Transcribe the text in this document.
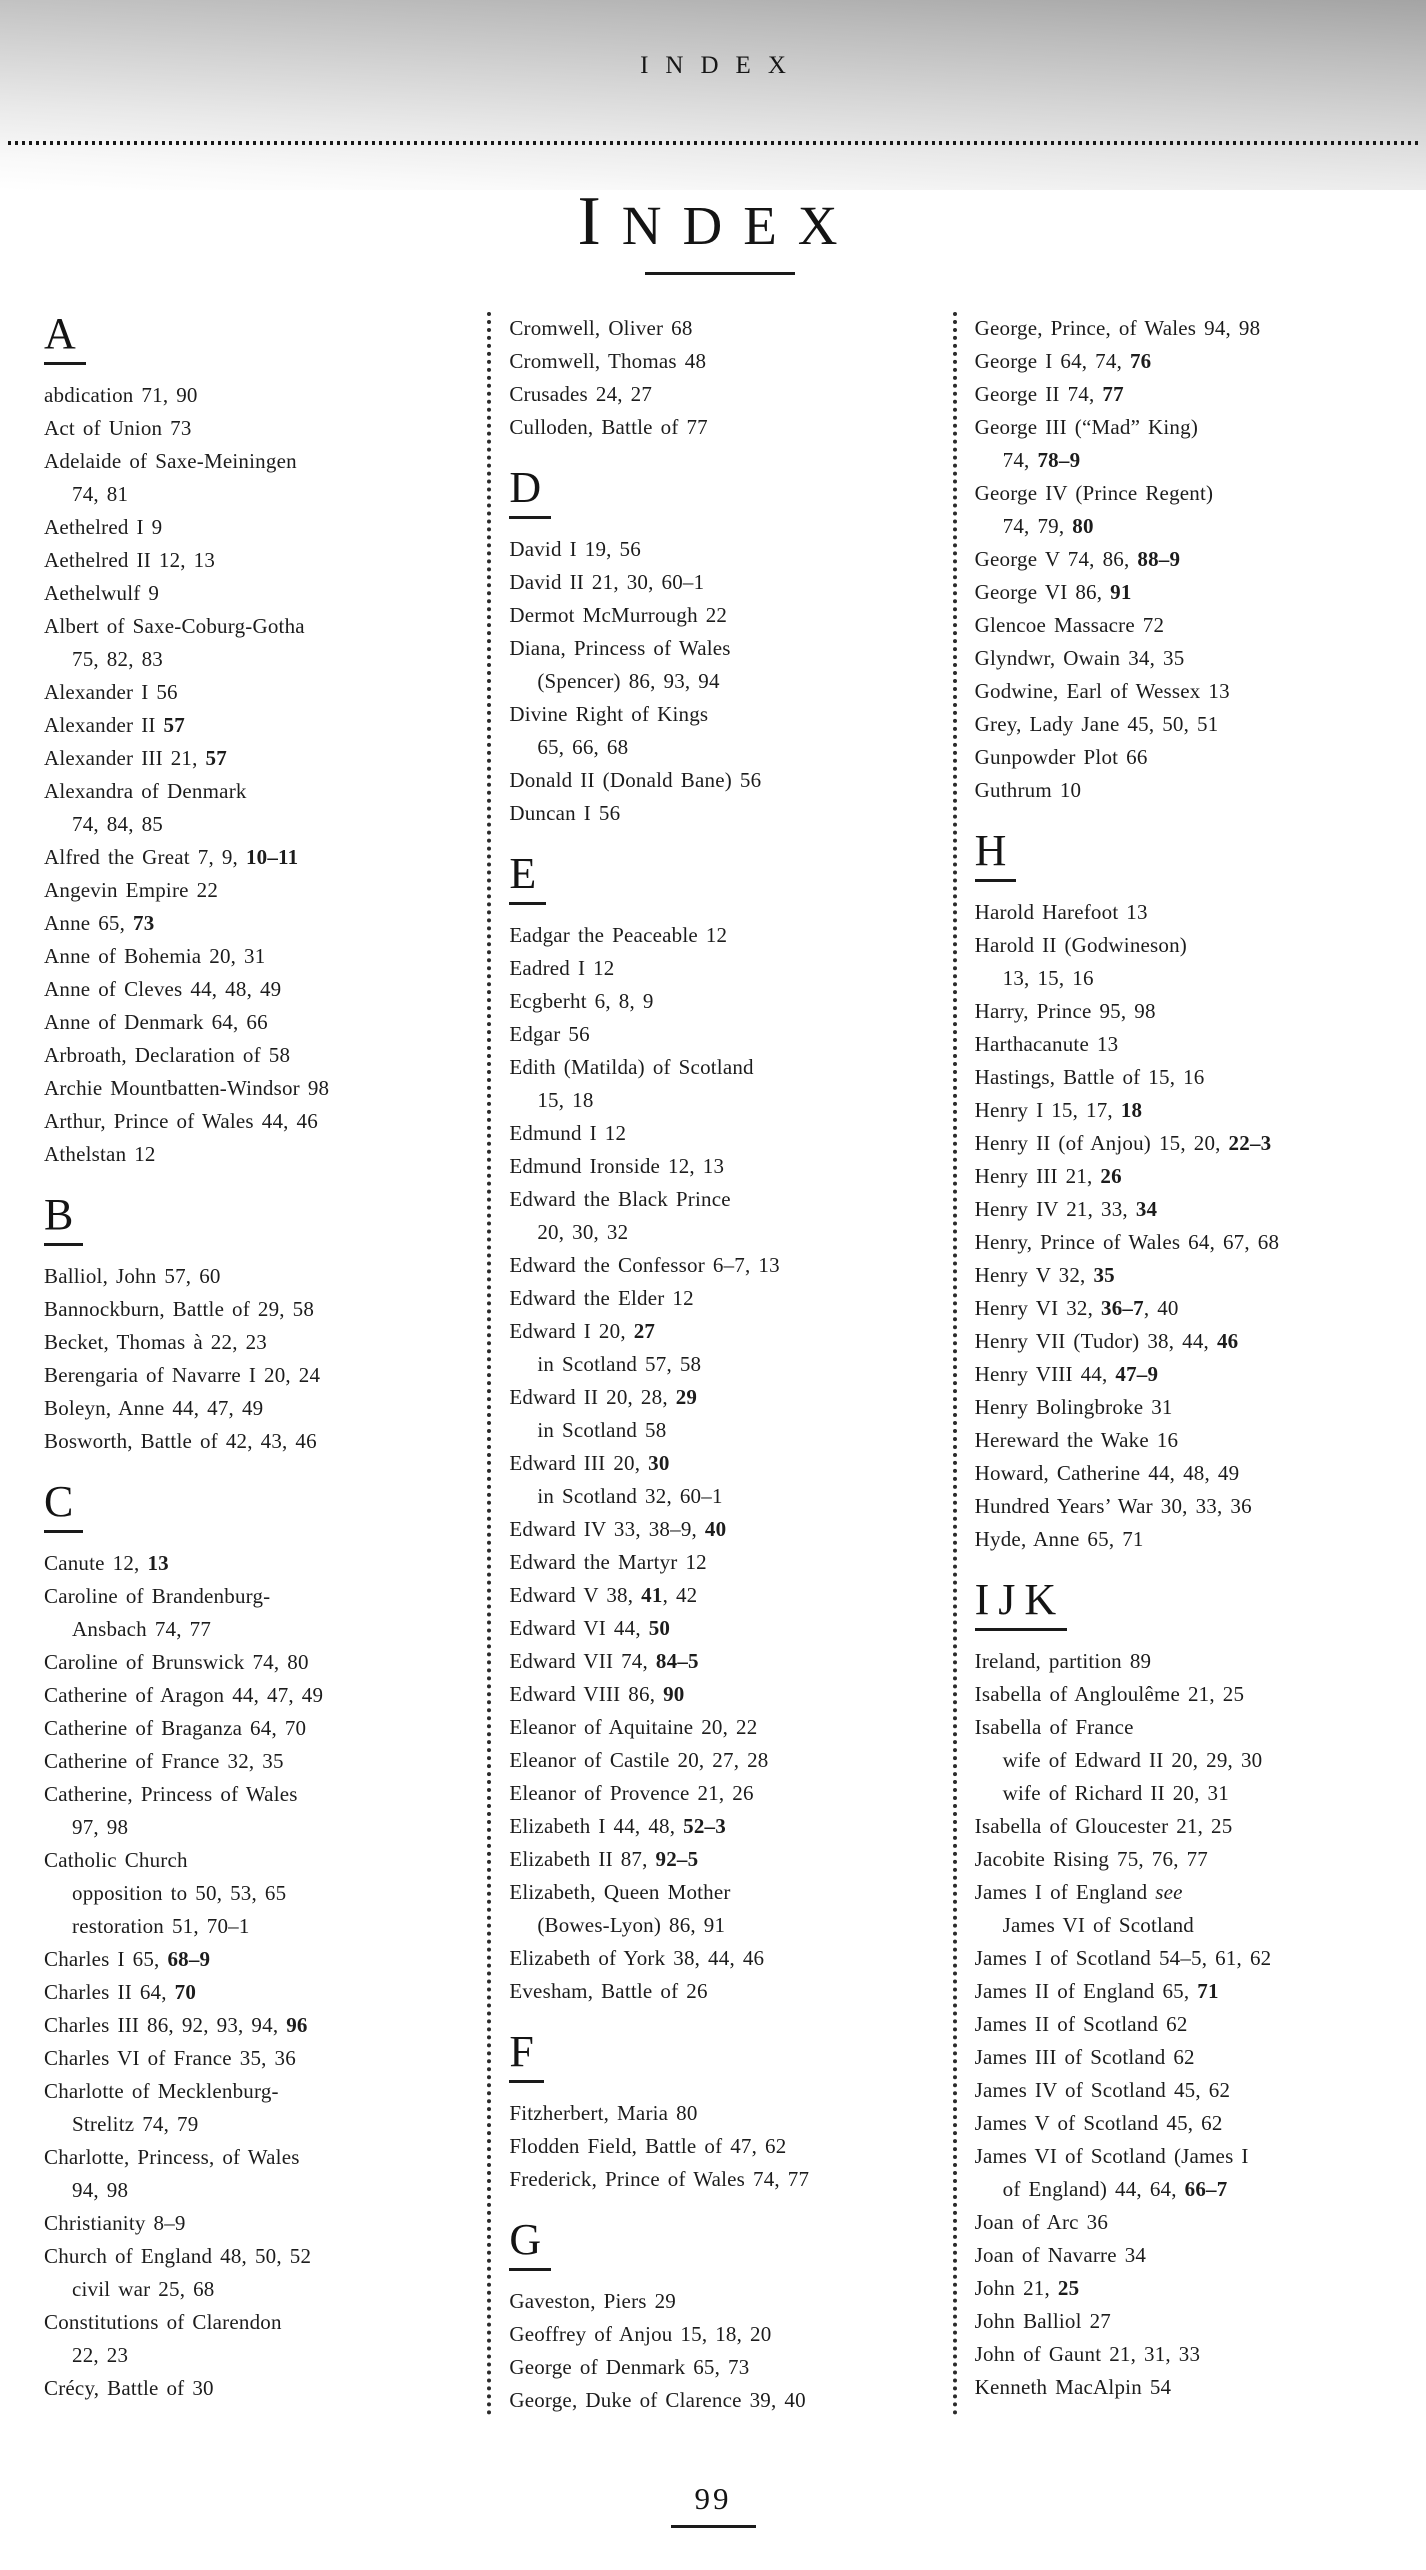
INDEX
INDEX
A
abdication 71, 90
Act of Union 73
Adelaide of Saxe-Meiningen
74, 81
Aethelred I 9
Aethelred II 12, 13
Aethelwulf 9
Albert of Saxe-Coburg-Gotha
75, 82, 83
Alexander I 56
Alexander II 57
Alexander III 21, 57
Alexandra of Denmark
74, 84, 85
Alfred the Great 7, 9, 10–11
Angevin Empire 22
Anne 65, 73
Anne of Bohemia 20, 31
Anne of Cleves 44, 48, 49
Anne of Denmark 64, 66
Arbroath, Declaration of 58
Archie Mountbatten-Windsor 98
Arthur, Prince of Wales 44, 46
Athelstan 12
B
Balliol, John 57, 60
Bannockburn, Battle of 29, 58
Becket, Thomas à 22, 23
Berengaria of Navarre I 20, 24
Boleyn, Anne 44, 47, 49
Bosworth, Battle of 42, 43, 46
C
Canute 12, 13
Caroline of Brandenburg-
Ansbach 74, 77
Caroline of Brunswick 74, 80
Catherine of Aragon 44, 47, 49
Catherine of Braganza 64, 70
Catherine of France 32, 35
Catherine, Princess of Wales
97, 98
Catholic Church
opposition to 50, 53, 65
restoration 51, 70–1
Charles I 65, 68–9
Charles II 64, 70
Charles III 86, 92, 93, 94, 96
Charles VI of France 35, 36
Charlotte of Mecklenburg-
Strelitz 74, 79
Charlotte, Princess, of Wales
94, 98
Christianity 8–9
Church of England 48, 50, 52
civil war 25, 68
Constitutions of Clarendon
22, 23
Crécy, Battle of 30
Cromwell, Oliver 68
Cromwell, Thomas 48
Crusades 24, 27
Culloden, Battle of 77
D
David I 19, 56
David II 21, 30, 60–1
Dermot McMurrough 22
Diana, Princess of Wales
(Spencer) 86, 93, 94
Divine Right of Kings
65, 66, 68
Donald II (Donald Bane) 56
Duncan I 56
E
Eadgar the Peaceable 12
Eadred I 12
Ecgberht 6, 8, 9
Edgar 56
Edith (Matilda) of Scotland
15, 18
Edmund I 12
Edmund Ironside 12, 13
Edward the Black Prince
20, 30, 32
Edward the Confessor 6–7, 13
Edward the Elder 12
Edward I 20, 27
in Scotland 57, 58
Edward II 20, 28, 29
in Scotland 58
Edward III 20, 30
in Scotland 32, 60–1
Edward IV 33, 38–9, 40
Edward the Martyr 12
Edward V 38, 41, 42
Edward VI 44, 50
Edward VII 74, 84–5
Edward VIII 86, 90
Eleanor of Aquitaine 20, 22
Eleanor of Castile 20, 27, 28
Eleanor of Provence 21, 26
Elizabeth I 44, 48, 52–3
Elizabeth II 87, 92–5
Elizabeth, Queen Mother
(Bowes-Lyon) 86, 91
Elizabeth of York 38, 44, 46
Evesham, Battle of 26
F
Fitzherbert, Maria 80
Flodden Field, Battle of 47, 62
Frederick, Prince of Wales 74, 77
G
Gaveston, Piers 29
Geoffrey of Anjou 15, 18, 20
George of Denmark 65, 73
George, Duke of Clarence 39, 40
George, Prince, of Wales 94, 98
George I 64, 74, 76
George II 74, 77
George III (“Mad” King)
74, 78–9
George IV (Prince Regent)
74, 79, 80
George V 74, 86, 88–9
George VI 86, 91
Glencoe Massacre 72
Glyndwr, Owain 34, 35
Godwine, Earl of Wessex 13
Grey, Lady Jane 45, 50, 51
Gunpowder Plot 66
Guthrum 10
H
Harold Harefoot 13
Harold II (Godwineson)
13, 15, 16
Harry, Prince 95, 98
Harthacanute 13
Hastings, Battle of 15, 16
Henry I 15, 17, 18
Henry II (of Anjou) 15, 20, 22–3
Henry III 21, 26
Henry IV 21, 33, 34
Henry, Prince of Wales 64, 67, 68
Henry V 32, 35
Henry VI 32, 36–7, 40
Henry VII (Tudor) 38, 44, 46
Henry VIII 44, 47–9
Henry Bolingbroke 31
Hereward the Wake 16
Howard, Catherine 44, 48, 49
Hundred Years’ War 30, 33, 36
Hyde, Anne 65, 71
IJK
Ireland, partition 89
Isabella of Angloulême 21, 25
Isabella of France
wife of Edward II 20, 29, 30
wife of Richard II 20, 31
Isabella of Gloucester 21, 25
Jacobite Rising 75, 76, 77
James I of England see
James VI of Scotland
James I of Scotland 54–5, 61, 62
James II of England 65, 71
James II of Scotland 62
James III of Scotland 62
James IV of Scotland 45, 62
James V of Scotland 45, 62
James VI of Scotland (James I
of England) 44, 64, 66–7
Joan of Arc 36
Joan of Navarre 34
John 21, 25
John Balliol 27
John of Gaunt 21, 31, 33
Kenneth MacAlpin 54
99
